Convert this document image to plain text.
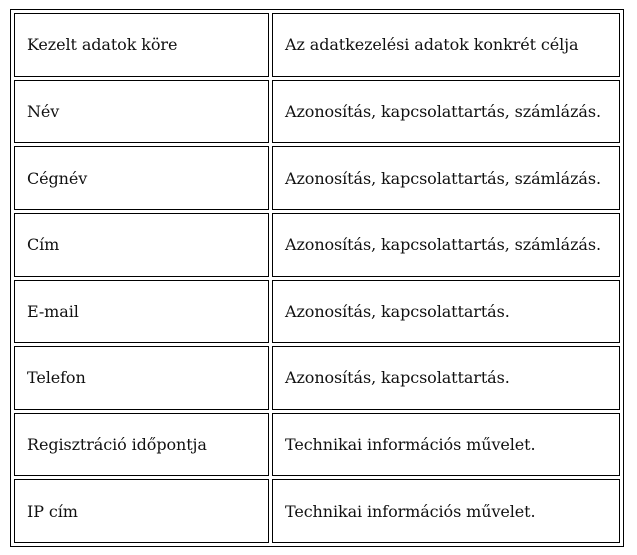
Kezelt adatok köre	Az adatkezelési adatok konkrét célja
Név	Azonosítás, kapcsolattartás, számlázás.
Cégnév	Azonosítás, kapcsolattartás, számlázás.
Cím	Azonosítás, kapcsolattartás, számlázás.
E-mail	Azonosítás, kapcsolattartás.
Telefon	Azonosítás, kapcsolattartás.
Regisztráció időpontja	Technikai információs művelet.
IP cím	Technikai információs művelet.
